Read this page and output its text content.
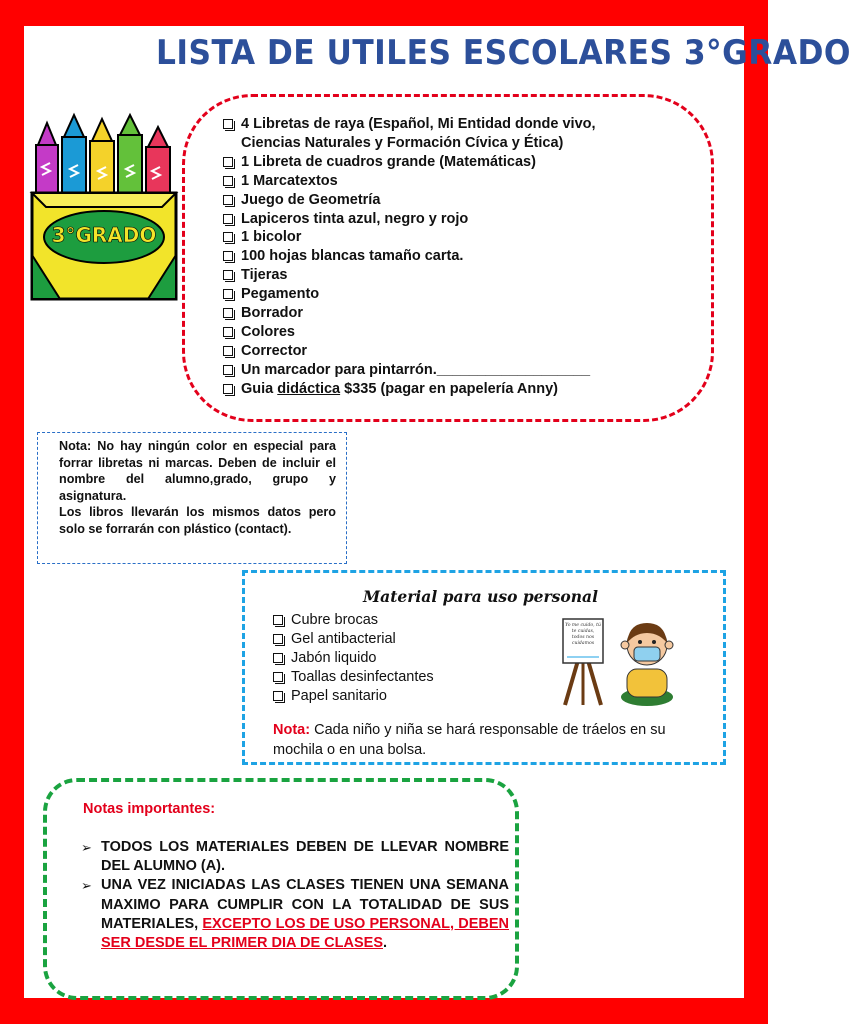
LISTA DE UTILES ESCOLARES 3°GRADO
3°GRADO
4 Libretas de raya (Español, Mi Entidad donde vivo,
Ciencias Naturales y Formación Cívica y Ética)
1 Libreta de cuadros grande (Matemáticas)
1 Marcatextos
Juego de Geometría
Lapiceros tinta azul, negro y rojo
1 bicolor
100 hojas blancas tamaño carta.
Tijeras
Pegamento
Borrador
Colores
Corrector
Un marcador para pintarrón.___________________
Guia didáctica $335 (pagar en papelería Anny)

Nota: No hay ningún color en especial para forrar libretas ni marcas. Deben de incluir el nombre del alumno,grado, grupo y asignatura.

Los libros llevarán los mismos datos pero solo se forrarán con plástico (contact).

Material para uso personal
Cubre brocas
Gel antibacterial
Jabón liquido
Toallas desinfectantes
Papel sanitario
Yo me cuido, tú te cuidas, todos nos cuidamos
Nota: Cada niño y niña se hará responsable de tráelos en su mochila o en una bolsa.
Notas importantes:
➢ TODOS LOS MATERIALES DEBEN DE LLEVAR NOMBRE DEL ALUMNO (A).
➢ UNA VEZ INICIADAS LAS CLASES TIENEN UNA SEMANA MAXIMO PARA CUMPLIR CON LA TOTALIDAD DE SUS MATERIALES, EXCEPTO LOS DE USO PERSONAL, DEBEN SER DESDE EL PRIMER DIA DE CLASES.
